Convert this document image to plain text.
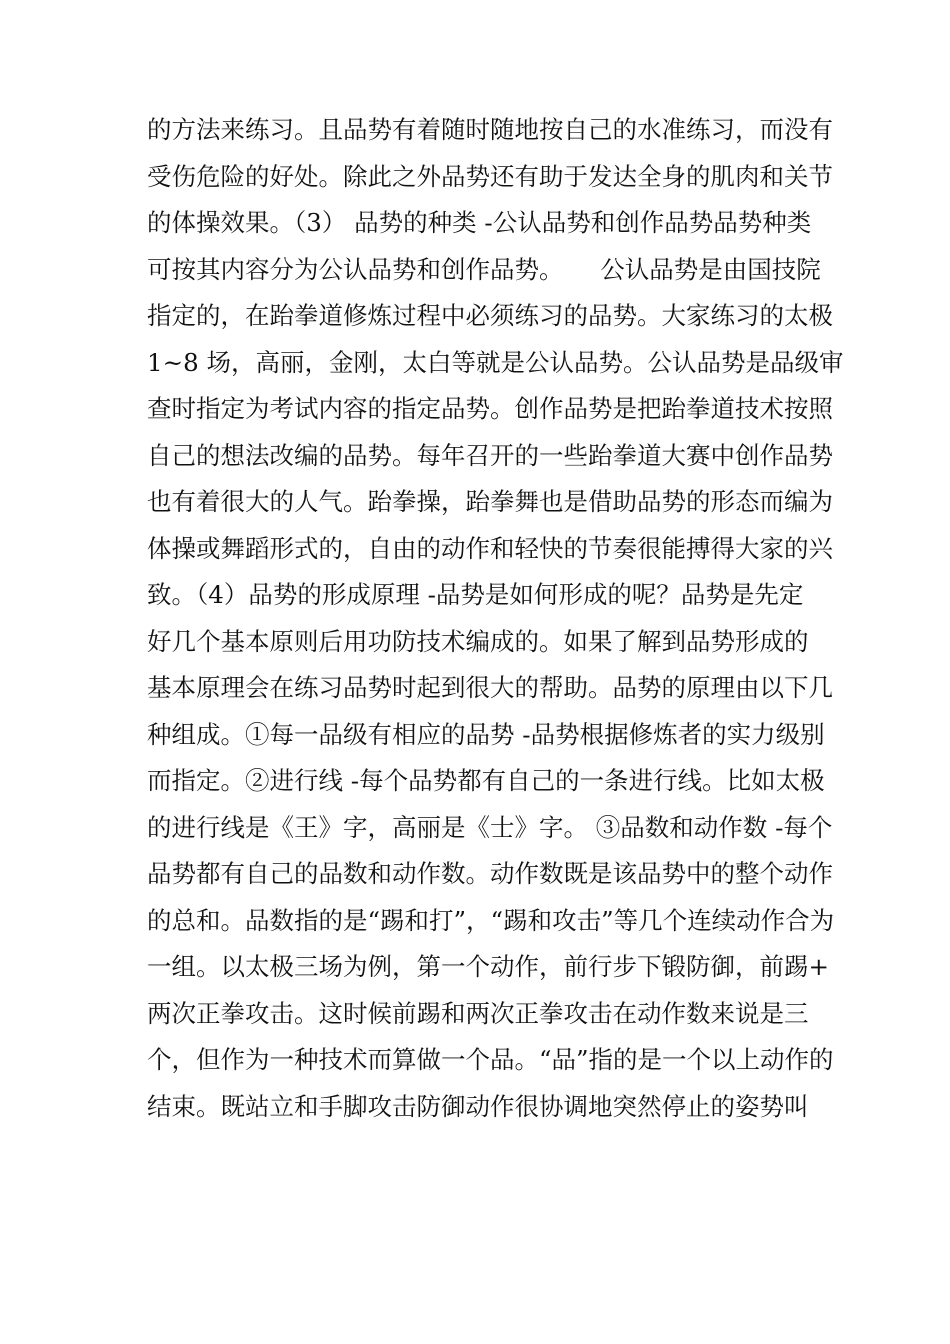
的方法来练习。且品势有着随时随地按自己的水准练习，而没有
受伤危险的好处。除此之外品势还有助于发达全身的肌肉和关节
的体操效果。（3） 品势的种类 -公认品势和创作品势品势种类
可按其内容分为公认品势和创作品势。　　公认品势是由国技院
指定的，在跆拳道修炼过程中必须练习的品势。大家练习的太极
1~8 场，高丽，金刚，太白等就是公认品势。公认品势是品级审
查时指定为考试内容的指定品势。创作品势是把跆拳道技术按照
自己的想法改编的品势。每年召开的一些跆拳道大赛中创作品势
也有着很大的人气。跆拳操，跆拳舞也是借助品势的形态而编为
体操或舞蹈形式的，自由的动作和轻快的节奏很能搏得大家的兴
致。（4）品势的形成原理 -品势是如何形成的呢？品势是先定
好几个基本原则后用功防技术编成的。如果了解到品势形成的
基本原理会在练习品势时起到很大的帮助。品势的原理由以下几
种组成。①每一品级有相应的品势 -品势根据修炼者的实力级别
而指定。②进行线 -每个品势都有自己的一条进行线。比如太极
的进行线是《王》字，高丽是《士》字。 ③品数和动作数 -每个
品势都有自己的品数和动作数。动作数既是该品势中的整个动作
的总和。品数指的是“踢和打”，“踢和攻击”等几个连续动作合为
一组。以太极三场为例，第一个动作，前行步下锻防御，前踢+
两次正拳攻击。这时候前踢和两次正拳攻击在动作数来说是三
个，但作为一种技术而算做一个品。“品”指的是一个以上动作的
结束。既站立和手脚攻击防御动作很协调地突然停止的姿势叫
